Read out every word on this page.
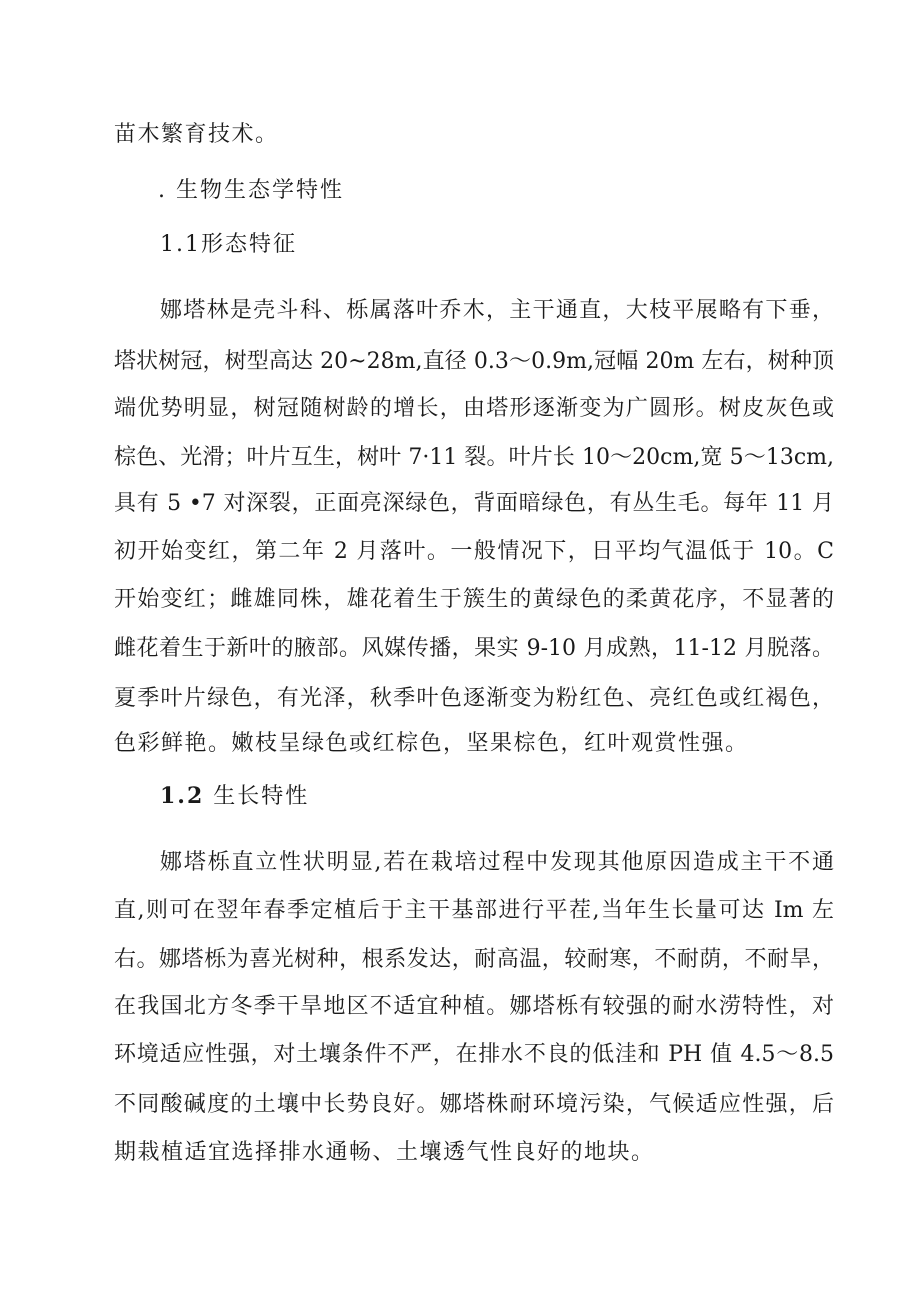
苗木繁育技术。
. 生物生态学特性
1.1形态特征
娜塔林是壳斗科、栎属落叶乔木，主干通直，大枝平展略有下垂，
塔状树冠，树型高达 20~28m,直径 0.3～0.9m,冠幅 20m 左右，树种顶
端优势明显，树冠随树龄的增长，由塔形逐渐变为广圆形。树皮灰色或
棕色、光滑；叶片互生，树叶 7·11 裂。叶片长 10～20cm,宽 5～13cm,
具有 5 •7 对深裂，正面亮深绿色，背面暗绿色，有丛生毛。每年 11 月
初开始变红，第二年 2 月落叶。一般情况下，日平均气温低于 10。C
开始变红；雌雄同株，雄花着生于簇生的黄绿色的柔黄花序，不显著的
雌花着生于新叶的腋部。风媒传播，果实 9-10 月成熟，11-12 月脱落。
夏季叶片绿色，有光泽，秋季叶色逐渐变为粉红色、亮红色或红褐色，
色彩鲜艳。嫩枝呈绿色或红棕色，坚果棕色，红叶观赏性强。
1.2 生长特性
娜塔栎直立性状明显,若在栽培过程中发现其他原因造成主干不通
直,则可在翌年春季定植后于主干基部进行平茬,当年生长量可达 Im 左
右。娜塔栎为喜光树种，根系发达，耐高温，较耐寒，不耐荫，不耐旱，
在我国北方冬季干旱地区不适宜种植。娜塔栎有较强的耐水涝特性，对
环境适应性强，对土壤条件不严，在排水不良的低洼和 PH 值 4.5～8.5
不同酸碱度的土壤中长势良好。娜塔株耐环境污染，气候适应性强，后
期栽植适宜选择排水通畅、土壤透气性良好的地块。
